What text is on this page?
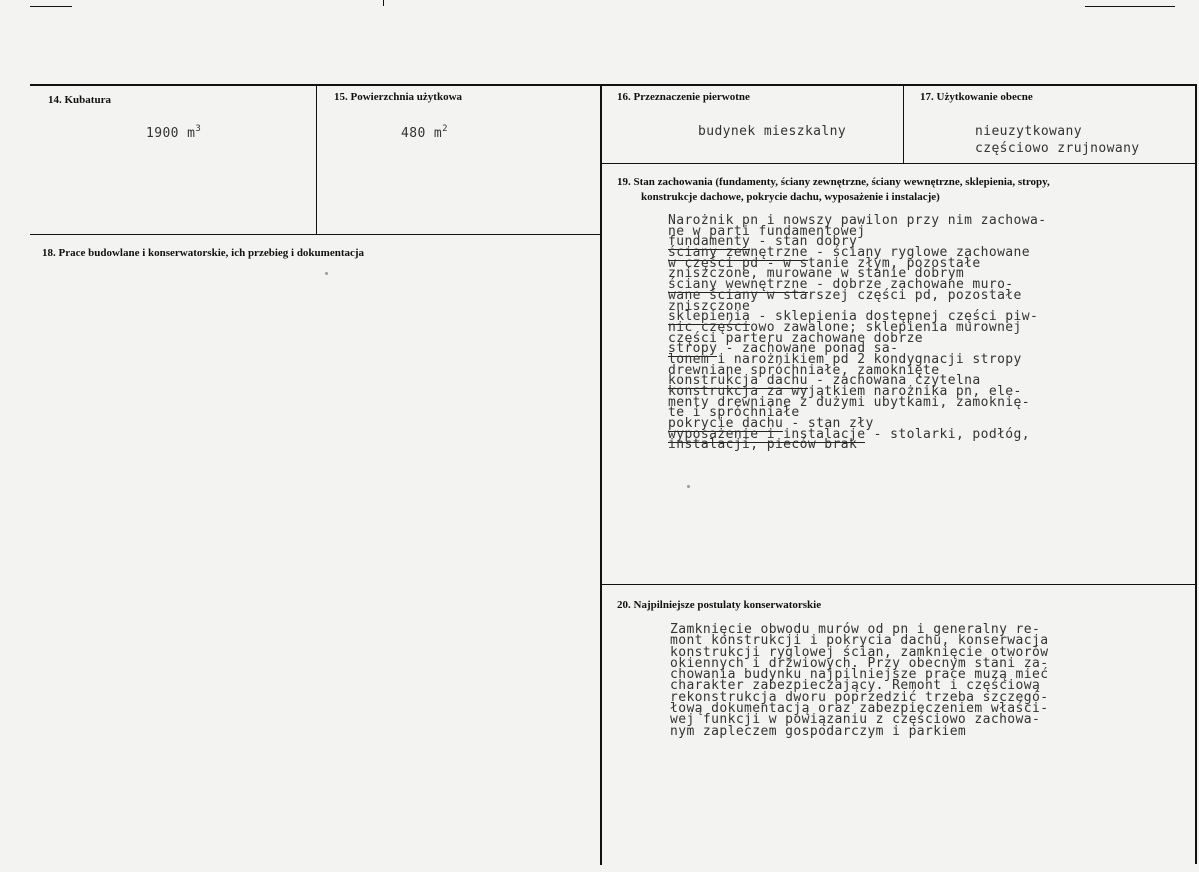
14. Kubatura
1900 $m^3$
15. Powierzchnia użytkowa
480 $m^2$
16. Przeznaczenie pierwotne
budynek mieszkalny
17. Użytkowanie obecne
nieuzytkowany
częściowo zrujnowany
18. Prace budowlane i konserwatorskie, ich przebieg i dokumentacja
19. Stan zachowania (fundamenty, ściany zewnętrzne, ściany wewnętrzne, sklepienia, stropy,
konstrukcje dachowe, pokrycie dachu, wyposażenie i instalacje)
Narożnik pn i nowszy pawilon przy nim zachowa-
ne w parti fundamentowej
fundamenty - stan dobry
ściany zewnętrzne - ściany ryglowe zachowane
w części pd - w stanie złym, pozostałe
zniszczone, murowane w stanie dobrym
ściany wewnętrzne - dobrze zachowane muro-
wane ściany w starszej części pd, pozostałe
zniszczone
sklepienia - sklepienia dostępnej części piw-
nic częściowo zawalone; sklepienia murownej
części parteru zachowane dobrze
stropy - zachowane ponad sa-
lonem i narożnikiem pd 2 kondygnacji stropy
drewniane spróchniałe, zamoknięte
konstrukcja dachu - zachowana czytelna
konstrukcja za wyjątkiem narożnika pn, ele-
menty drewniane z dużymi ubytkami, zamoknię-
te i spróchniałe
pokrycie dachu - stan zły
wyposażenie i instalacje - stolarki, podłóg,
instalacji, pieców brak
20. Najpilniejsze postulaty konserwatorskie
Zamknięcie obwodu murów od pn i generalny re-
mont konstrukcji i pokrycia dachu, konserwacja
konstrukcji ryglowej ścian, zamknięcie otworów
okiennych i drzwiowych. Przy obecnym stani za-
chowania budynku najpilniejsze prace muzą mieć
charakter zabezpieczający. Remont i częściową
rekonstrukcja dworu poprzedzić trzeba szczegó-
łową dokumentacją oraz zabezpieczeniem właści-
wej funkcji w powiązaniu z częściowo zachowa-
nym zapleczem gospodarczym i parkiem
